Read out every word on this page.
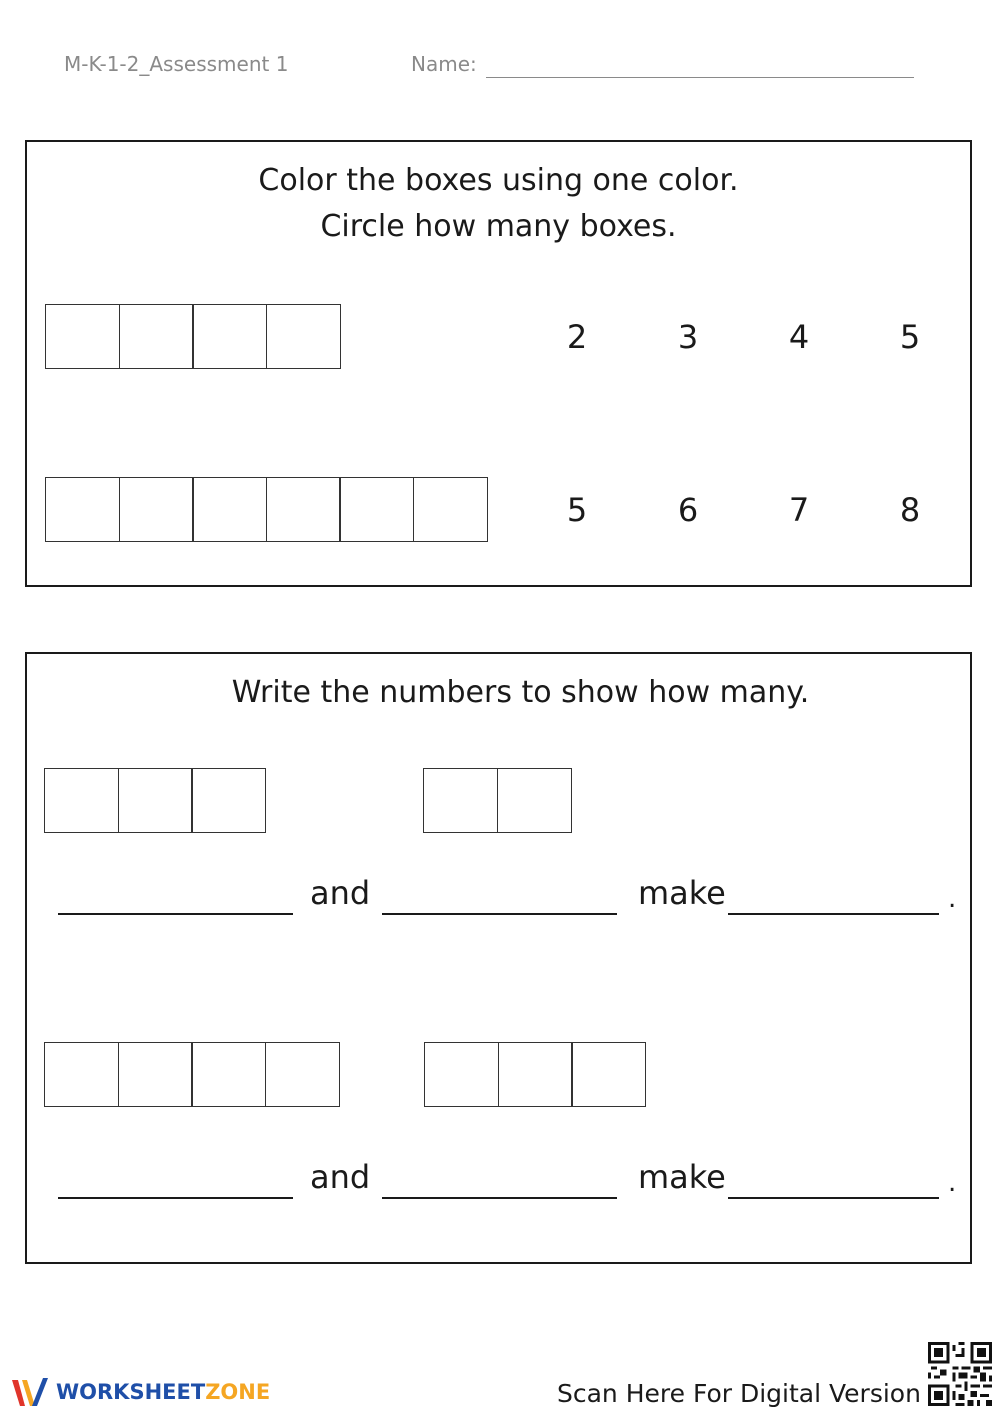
M-K-1-2_Assessment 1	Name:
Color the boxes using one color.
Circle how many boxes.
2	3	4	5
5	6	7	8
Write the numbers to show how many.
and	make	.
and	make	.
WORKSHEETZONE	Scan Here For Digital Version
